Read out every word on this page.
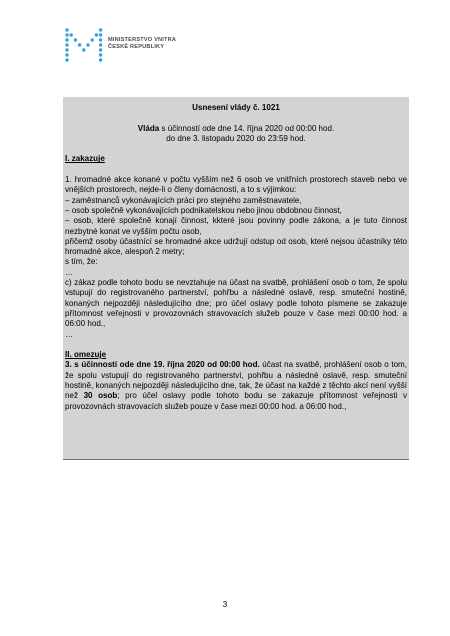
MINISTERSTVO VNITRA
ČESKÉ REPUBLIKY

Usnesení vlády č. 1021

Vláda s účinností ode dne 14. října 2020 od 00:00 hod.

do dne 3. listopadu 2020 do 23:59 hod.

I. zakazuje

1. hromadné akce konané v počtu vyšším než 6 osob ve vnitřních prostorech staveb nebo ve vnějších prostorech, nejde-li o členy domácnosti, a to s výjimkou:

– zaměstnanců vykonávajících práci pro stejného zaměstnavatele,

– osob společně vykonávajících podnikatelskou nebo jinou obdobnou činnost,

– osob, které společně konají činnost, kkteré jsou povinny podle zákona, a je tuto činnost nezbytné konat ve vyšším počtu osob,

přičemž osoby účastnící se hromadné akce udržují odstup od osob, které nejsou účastníky této hromadné akce, alespoň 2 metry;

s tím, že:

…

c) zákaz podle tohoto bodu se nevztahuje na účast na svatbě, prohlášení osob o tom, že spolu vstupují do registrovaného partnerství, pohřbu a následné oslavě, resp. smuteční hostině, konaných nejpozději následujícího dne; pro účel oslavy podle tohoto písmene se zakazuje přítomnost veřejnosti v provozovnách stravovacích služeb pouze v čase mezi 00:00 hod. a 06:00 hod.,

…

II. omezuje

3. s účinností ode dne 19. října 2020 od 00:00 hod. účast na svatbě, prohlášení osob o tom, že spolu vstupují do registrovaného partnerství, pohřbu a následné oslavě, resp. smuteční hostině, konaných nejpozději následujícího dne, tak, že účast na každé z těchto akcí není vyšší než 30 osob; pro účel oslavy podle tohoto bodu se zakazuje přítomnost veřejnosti v provozovnách stravovacích služeb pouze v čase mezi 00:00 hod. a 06:00 hod.,

3
